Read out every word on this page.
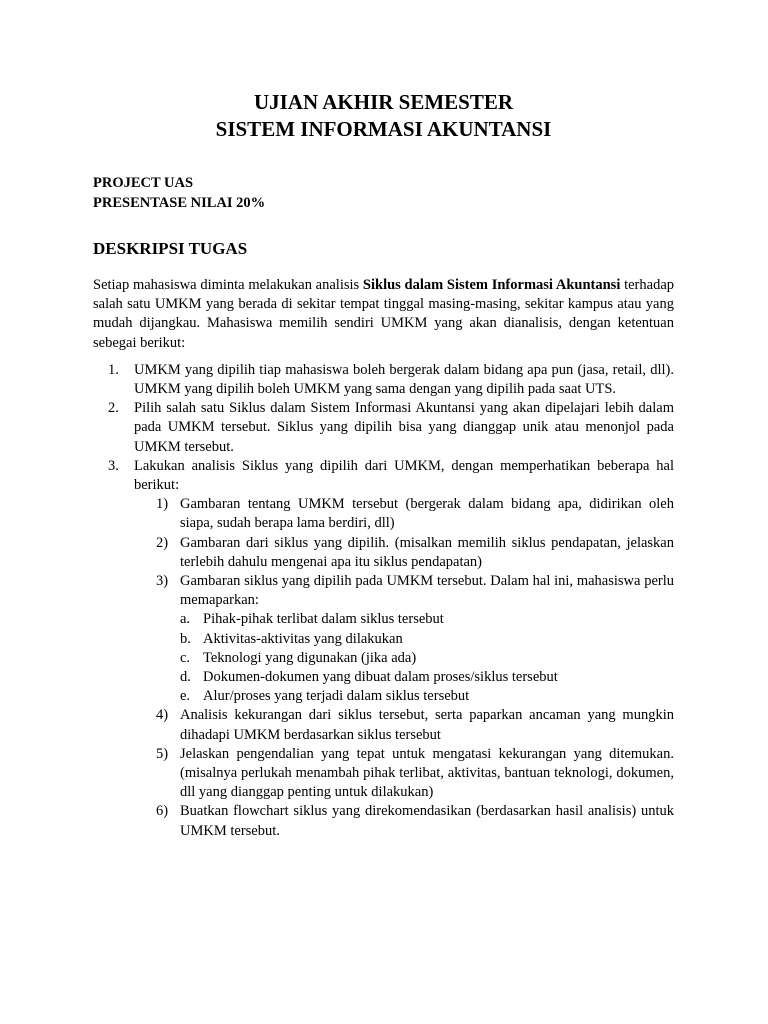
UJIAN AKHIR SEMESTER
SISTEM INFORMASI AKUNTANSI
PROJECT UAS
PRESENTASE NILAI 20%
DESKRIPSI TUGAS

Setiap mahasiswa diminta melakukan analisis Siklus dalam Sistem Informasi Akuntansi terhadap salah satu UMKM yang berada di sekitar tempat tinggal masing-masing, sekitar kampus atau yang mudah dijangkau. Mahasiswa memilih sendiri UMKM yang akan dianalisis, dengan ketentuan sebegai berikut:

1. UMKM yang dipilih tiap mahasiswa boleh bergerak dalam bidang apa pun (jasa, retail, dll). UMKM yang dipilih boleh UMKM yang sama dengan yang dipilih pada saat UTS.
2. Pilih salah satu Siklus dalam Sistem Informasi Akuntansi yang akan dipelajari lebih dalam pada UMKM tersebut. Siklus yang dipilih bisa yang dianggap unik atau menonjol pada UMKM tersebut.
3. Lakukan analisis Siklus yang dipilih dari UMKM, dengan memperhatikan beberapa hal berikut:
1) Gambaran tentang UMKM tersebut (bergerak dalam bidang apa, didirikan oleh siapa, sudah berapa lama berdiri, dll)
2) Gambaran dari siklus yang dipilih. (misalkan memilih siklus pendapatan, jelaskan terlebih dahulu mengenai apa itu siklus pendapatan)
3) Gambaran siklus yang dipilih pada UMKM tersebut. Dalam hal ini, mahasiswa perlu memaparkan:
a. Pihak-pihak terlibat dalam siklus tersebut
b. Aktivitas-aktivitas yang dilakukan
c. Teknologi yang digunakan (jika ada)
d. Dokumen-dokumen yang dibuat dalam proses/siklus tersebut
e. Alur/proses yang terjadi dalam siklus tersebut
4) Analisis kekurangan dari siklus tersebut, serta paparkan ancaman yang mungkin dihadapi UMKM berdasarkan siklus tersebut
5) Jelaskan pengendalian yang tepat untuk mengatasi kekurangan yang ditemukan. (misalnya perlukah menambah pihak terlibat, aktivitas, bantuan teknologi, dokumen, dll yang dianggap penting untuk dilakukan)
6) Buatkan flowchart siklus yang direkomendasikan (berdasarkan hasil analisis) untuk UMKM tersebut.
